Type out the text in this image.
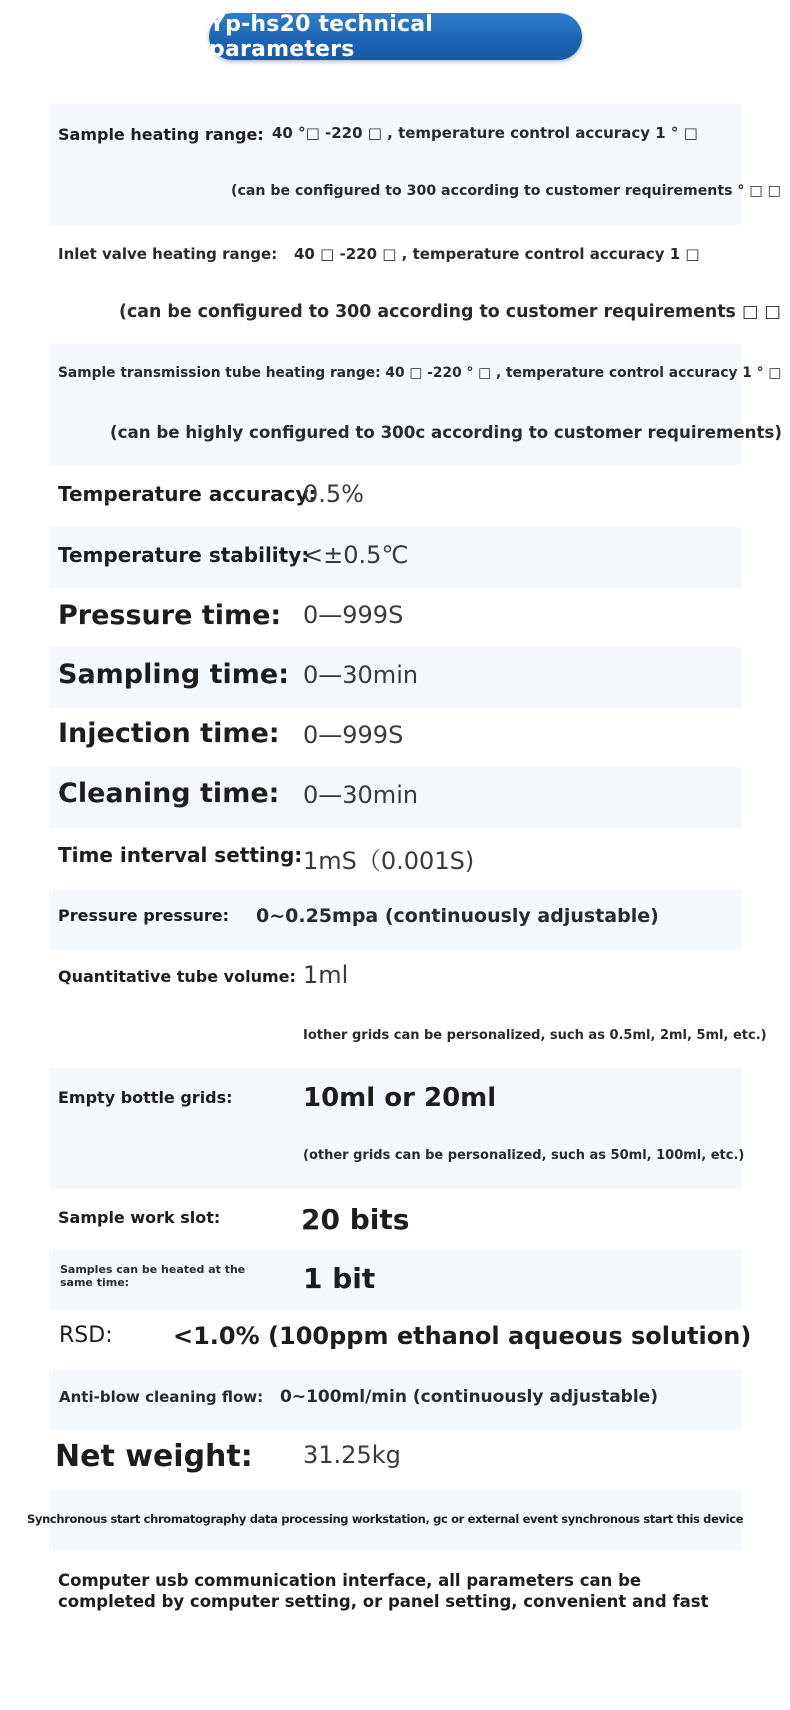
Yp-hs20 technical parameters
Sample heating range: 40 °□ -220 □ , temperature control accuracy 1 ° □
(can be configured to 300 according to customer requirements ° □ □
Inlet valve heating range: 40 □ -220 □ , temperature control accuracy 1 □
(can be configured to 300 according to customer requirements □ □
Sample transmission tube heating range: 40 □ -220 ° □ , temperature control accuracy 1 ° □
(can be highly configured to 300c according to customer requirements)
Temperature accuracy:
0.5%
Temperature stability:
<±0.5℃
Pressure time: 0—999S
Sampling time: 0—30min
Injection time: 0—999S
Cleaning time: 0—30min
Time interval setting: 1mS（0.001S)
Pressure pressure: 0~0.25mpa (continuously adjustable)
Quantitative tube volume: 1ml
Iother grids can be personalized, such as 0.5ml, 2ml, 5ml, etc.)
Empty bottle grids:	10ml or 20ml
(other grids can be personalized, such as 50ml, 100ml, etc.)
Sample work slot:	20 bits
Samples can be heated at the
same time:	1 bit
RSD:	<1.0% (100ppm ethanol aqueous solution)
Anti-blow cleaning flow: 0~100ml/min (continuously adjustable)
Net weight: 31.25kg
Synchronous start chromatography data processing workstation, gc or external event synchronous start this device
Computer usb communication interface, all parameters can be
completed by computer setting, or panel setting, convenient and fast
